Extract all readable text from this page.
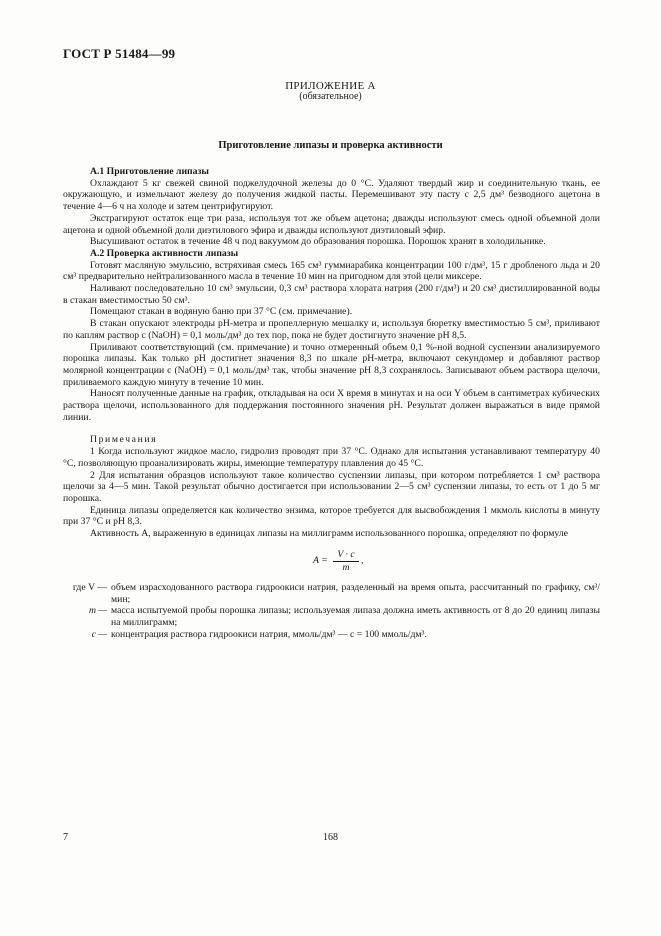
ГОСТ Р 51484—99
ПРИЛОЖЕНИЕ А
(обязательное)
Приготовление липазы и проверка активности

А.1 Приготовление липазы

Охлаждают 5 кг свежей свиной поджелудочной железы до 0 °С. Удаляют твердый жир и соединительную ткань, ее окружающую, и измельчают железу до получения жидкой пасты. Перемешивают эту пасту с 2,5 дм³ безводного ацетона в течение 4—6 ч на холоде и затем центрифугируют.

Экстрагируют остаток еще три раза, используя тот же объем ацетона; дважды используют смесь одной объемной доли ацетона и одной объемной доли диэтилового эфира и дважды используют диэтиловый эфир.

Высушивают остаток в течение 48 ч под вакуумом до образования порошка. Порошок хранят в холодильнике.

А.2 Проверка активности липазы

Готовят масляную эмульсию, встряхивая смесь 165 см³ гуммиарабика концентрации 100 г/дм³, 15 г дробленого льда и 20 см³ предварительно нейтрализованного масла в течение 10 мин на пригодном для этой цели миксере.

Наливают последовательно 10 см³ эмульсии, 0,3 см³ раствора хлората натрия (200 г/дм³) и 20 см³ дистиллированной воды в стакан вместимостью 50 см³.

Помещают стакан в водяную баню при 37 °С (см. примечание).

В стакан опускают электроды рН-метра и пропеллерную мешалку и, используя бюретку вместимостью 5 см³, приливают по каплям раствор c (NaOH) = 0,1 моль/дм³ до тех пор, пока не будет достигнуто значение рН 8,5.

Приливают соответствующий (см. примечание) и точно отмеренный объем 0,1 %-ной водной суспензии анализируемого порошка липазы. Как только рН достигнет значения 8,3 по шкале рН-метра, включают секундомер и добавляют раствор молярной концентрации c (NaOH) = 0,1 моль/дм³ так, чтобы значение рН 8,3 сохранялось. Записывают объем раствора щелочи, приливаемого каждую минуту в течение 10 мин.

Наносят полученные данные на график, откладывая на оси X время в минутах и на оси Y объем в сантиметрах кубических раствора щелочи, использованного для поддержания постоянного значения рН. Результат должен выражаться в виде прямой линии.

Примечания

1 Когда используют жидкое масло, гидролиз проводят при 37 °С. Однако для испытания устанавливают температуру 40 °С, позволяющую проанализировать жиры, имеющие температуру плавления до 45 °С.

2 Для испытания образцов используют такое количество суспензии липазы, при котором потребляется 1 см³ раствора щелочи за 4—5 мин. Такой результат обычно достигается при использовании 2—5 см³ суспензии липазы, то есть от 1 до 5 мг порошка.

Единица липазы определяется как количество энзима, которое требуется для высвобождения 1 мкмоль кислоты в минуту при 37 °С и рН 8,3.

Активность A, выраженную в единицах липазы на миллиграмм использованного порошка, определяют по формуле

$A = \frac{V \cdot c}{m}$ ,
где V — объем израсходованного раствора гидроокиси натрия, разделенный на время опыта, рассчитанный по графику, см³/мин;
m — масса испытуемой пробы порошка липазы; используемая липаза должна иметь активность от 8 до 20 единиц липазы на миллиграмм;
c — концентрация раствора гидроокиси натрия, ммоль/дм³ — c = 100 ммоль/дм³.
7	168
